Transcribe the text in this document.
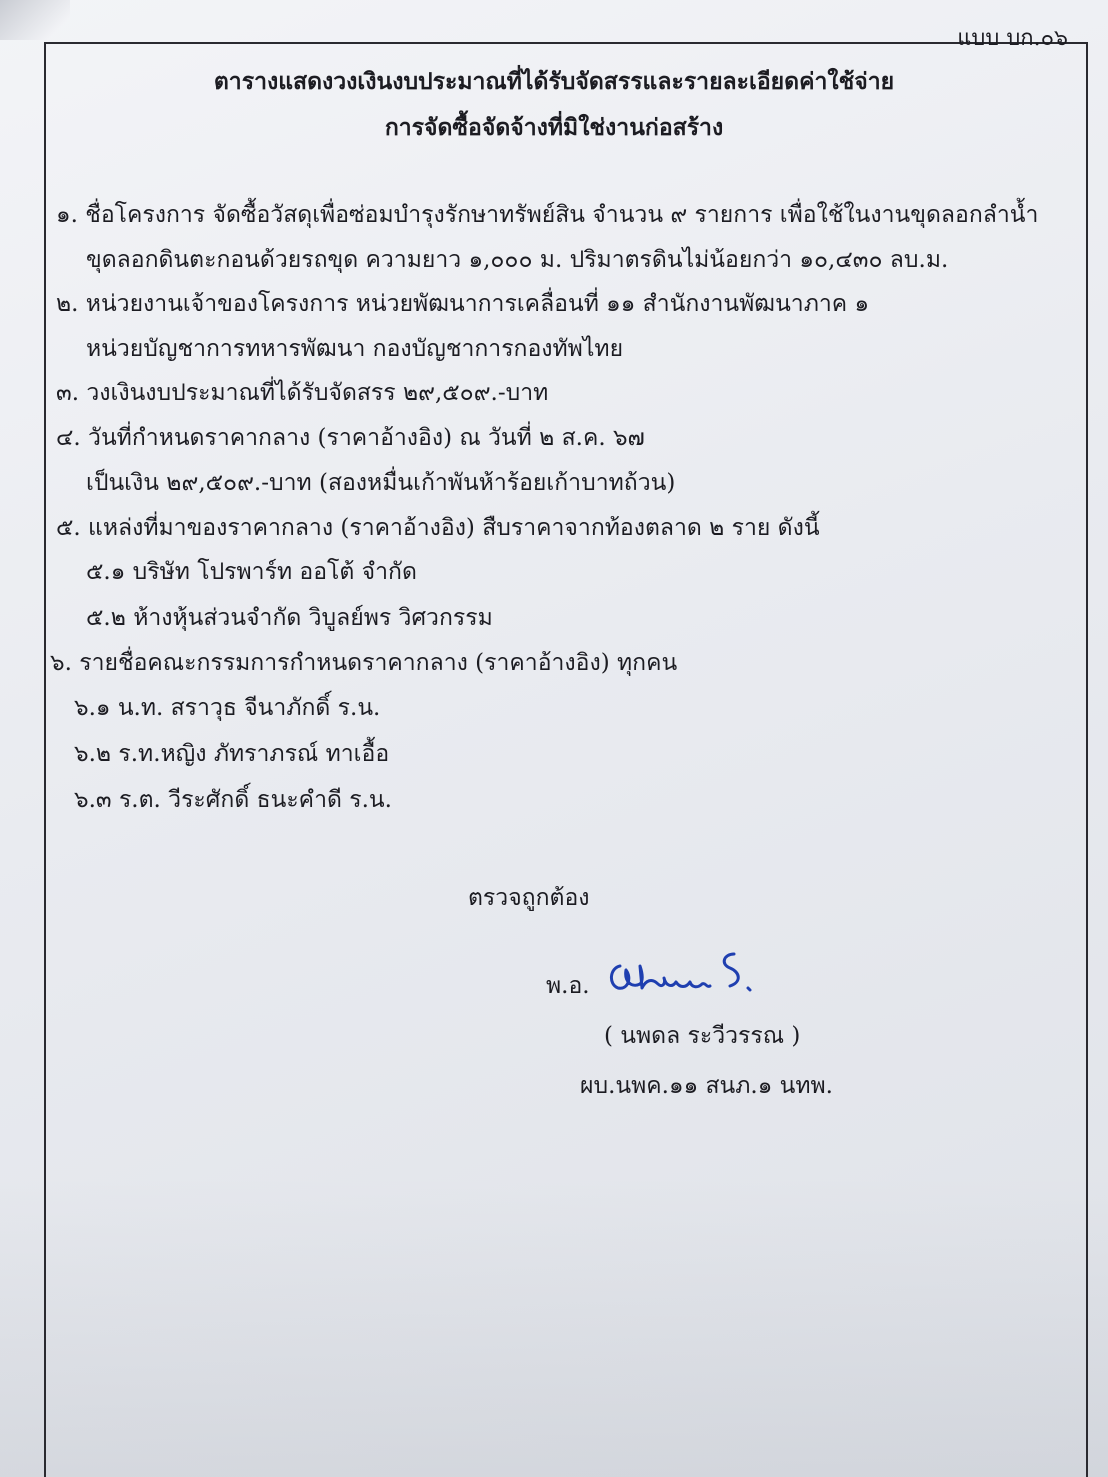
แบบ บก.๐๖
ตารางแสดงวงเงินงบประมาณที่ได้รับจัดสรรและรายละเอียดค่าใช้จ่าย
การจัดซื้อจัดจ้างที่มิใช่งานก่อสร้าง
๑. ชื่อโครงการ จัดซื้อวัสดุเพื่อซ่อมบำรุงรักษาทรัพย์สิน จำนวน ๙ รายการ เพื่อใช้ในงานขุดลอกลำน้ำ
ขุดลอกดินตะกอนด้วยรถขุด ความยาว ๑,๐๐๐ ม. ปริมาตรดินไม่น้อยกว่า ๑๐,๔๓๐ ลบ.ม.
๒. หน่วยงานเจ้าของโครงการ หน่วยพัฒนาการเคลื่อนที่ ๑๑ สำนักงานพัฒนาภาค ๑
หน่วยบัญชาการทหารพัฒนา กองบัญชาการกองทัพไทย
๓. วงเงินงบประมาณที่ได้รับจัดสรร ๒๙,๕๐๙.-บาท
๔. วันที่กำหนดราคากลาง (ราคาอ้างอิง) ณ วันที่ ๒ ส.ค. ๖๗
เป็นเงิน ๒๙,๕๐๙.-บาท (สองหมื่นเก้าพันห้าร้อยเก้าบาทถ้วน)
๕. แหล่งที่มาของราคากลาง (ราคาอ้างอิง) สืบราคาจากท้องตลาด ๒ ราย ดังนี้
๕.๑ บริษัท โปรพาร์ท ออโต้ จำกัด
๕.๒ ห้างหุ้นส่วนจำกัด วิบูลย์พร วิศวกรรม
๖. รายชื่อคณะกรรมการกำหนดราคากลาง (ราคาอ้างอิง) ทุกคน
๖.๑ น.ท. สราวุธ จีนาภักดิ์ ร.น.
๖.๒ ร.ท.หญิง ภัทราภรณ์ ทาเอื้อ
๖.๓ ร.ต. วีระศักดิ์ ธนะคำดี ร.น.
ตรวจถูกต้อง
พ.อ.
( นพดล ระวีวรรณ )
ผบ.นพค.๑๑ สนภ.๑ นทพ.
